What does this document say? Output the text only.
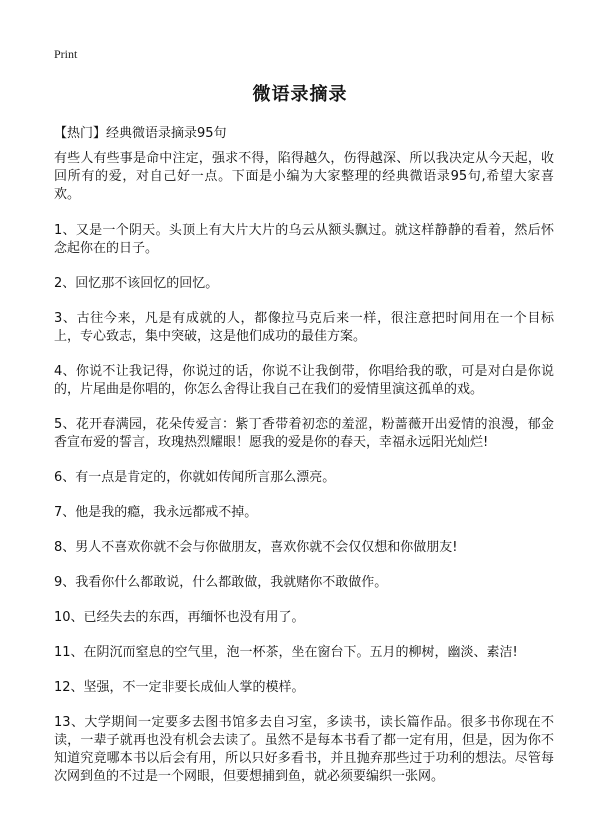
Print
微语录摘录
【热门】经典微语录摘录95句

有些人有些事是命中注定，强求不得，陷得越久，伤得越深、所以我决定从今天起，收回所有的爱，对自己好一点。下面是小编为大家整理的经典微语录95句,希望大家喜欢。

1、又是一个阴天。头顶上有大片大片的乌云从额头飘过。就这样静静的看着，然后怀念起你在的日子。

2、回忆那不该回忆的回忆。

3、古往今来，凡是有成就的人，都像拉马克后来一样，很注意把时间用在一个目标上，专心致志，集中突破，这是他们成功的最佳方案。

4、你说不让我记得，你说过的话，你说不让我倒带，你唱给我的歌，可是对白是你说的，片尾曲是你唱的，你怎么舍得让我自己在我们的爱情里演这孤单的戏。

5、花开春满园，花朵传爱言：紫丁香带着初恋的羞涩，粉蔷薇开出爱情的浪漫，郁金香宣布爱的誓言，玫瑰热烈耀眼！愿我的爱是你的春天，幸福永远阳光灿烂!

6、有一点是肯定的，你就如传闻所言那么漂亮。

7、他是我的瘾，我永远都戒不掉。

8、男人不喜欢你就不会与你做朋友，喜欢你就不会仅仅想和你做朋友!

9、我看你什么都敢说，什么都敢做，我就赌你不敢做作。

10、已经失去的东西，再缅怀也没有用了。

11、在阴沉而窒息的空气里，泡一杯茶，坐在窗台下。五月的柳树，幽淡、素洁!

12、坚强，不一定非要长成仙人掌的模样。

13、大学期间一定要多去图书馆多去自习室，多读书，读长篇作品。很多书你现在不读，一辈子就再也没有机会去读了。虽然不是每本书看了都一定有用，但是，因为你不知道究竟哪本书以后会有用，所以只好多看书，并且抛弃那些过于功利的想法。尽管每次网到鱼的不过是一个网眼，但要想捕到鱼，就必须要编织一张网。
